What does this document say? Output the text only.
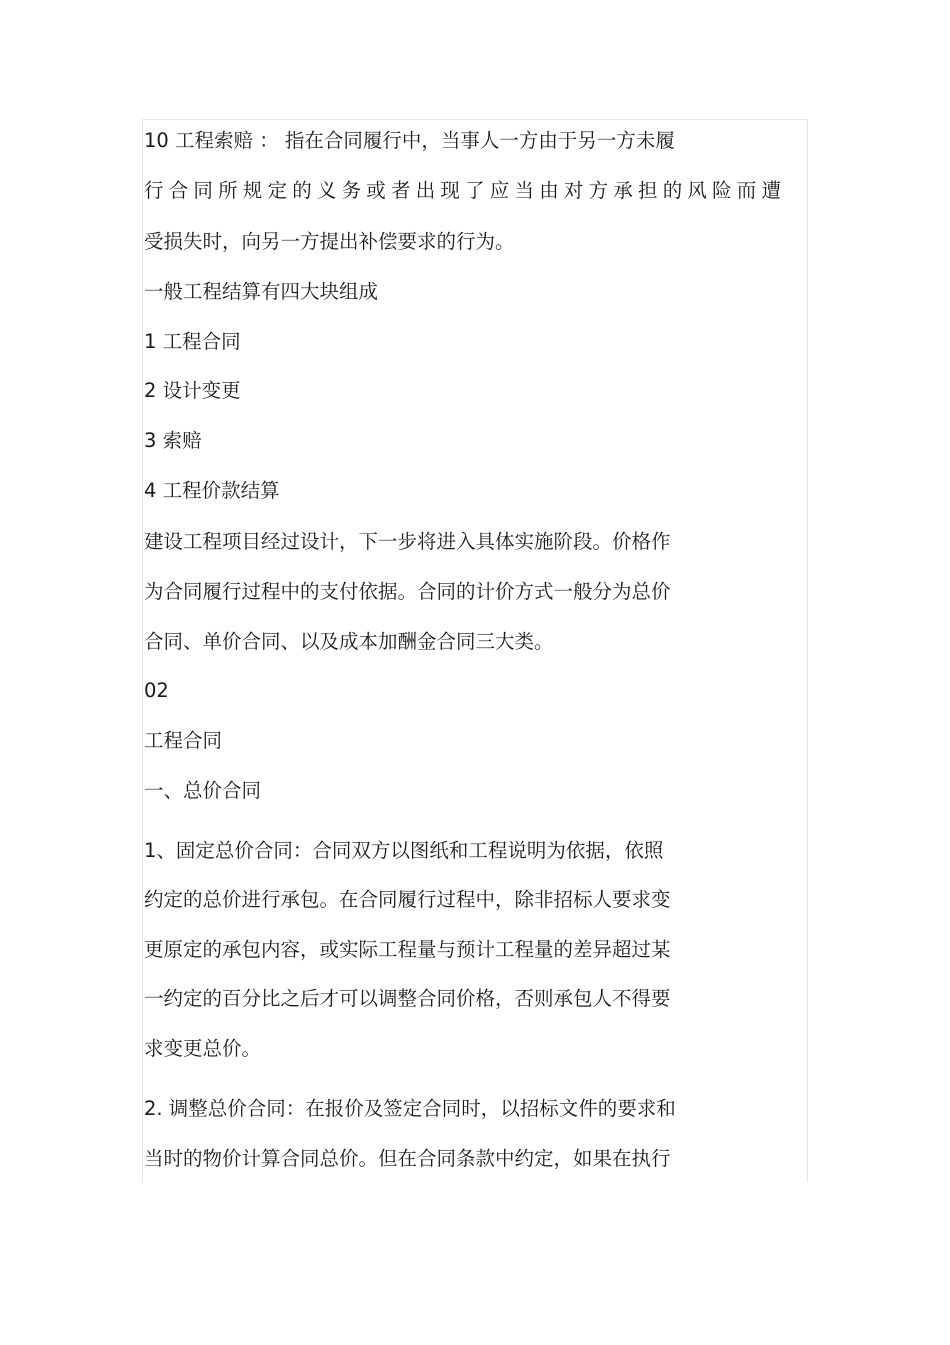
10 工程索赔 ： 指在合同履行中，当事人一方由于另一方未履

行合同所规定的义务或者出现了应当由对方承担的风险而遭

受损失时，向另一方提出补偿要求的行为。

一般工程结算有四大块组成

1 工程合同

2 设计变更

3 索赔

4 工程价款结算

建设工程项目经过设计，下一步将进入具体实施阶段。价格作

为合同履行过程中的支付依据。合同的计价方式一般分为总价

合同、单价合同、以及成本加酬金合同三大类。

02

工程合同

一、总价合同

1、固定总价合同：合同双方以图纸和工程说明为依据，依照

约定的总价进行承包。在合同履行过程中，除非招标人要求变

更原定的承包内容，或实际工程量与预计工程量的差异超过某

一约定的百分比之后才可以调整合同价格，否则承包人不得要

求变更总价。

2. 调整总价合同：在报价及签定合同时，以招标文件的要求和

当时的物价计算合同总价。但在合同条款中约定，如果在执行
